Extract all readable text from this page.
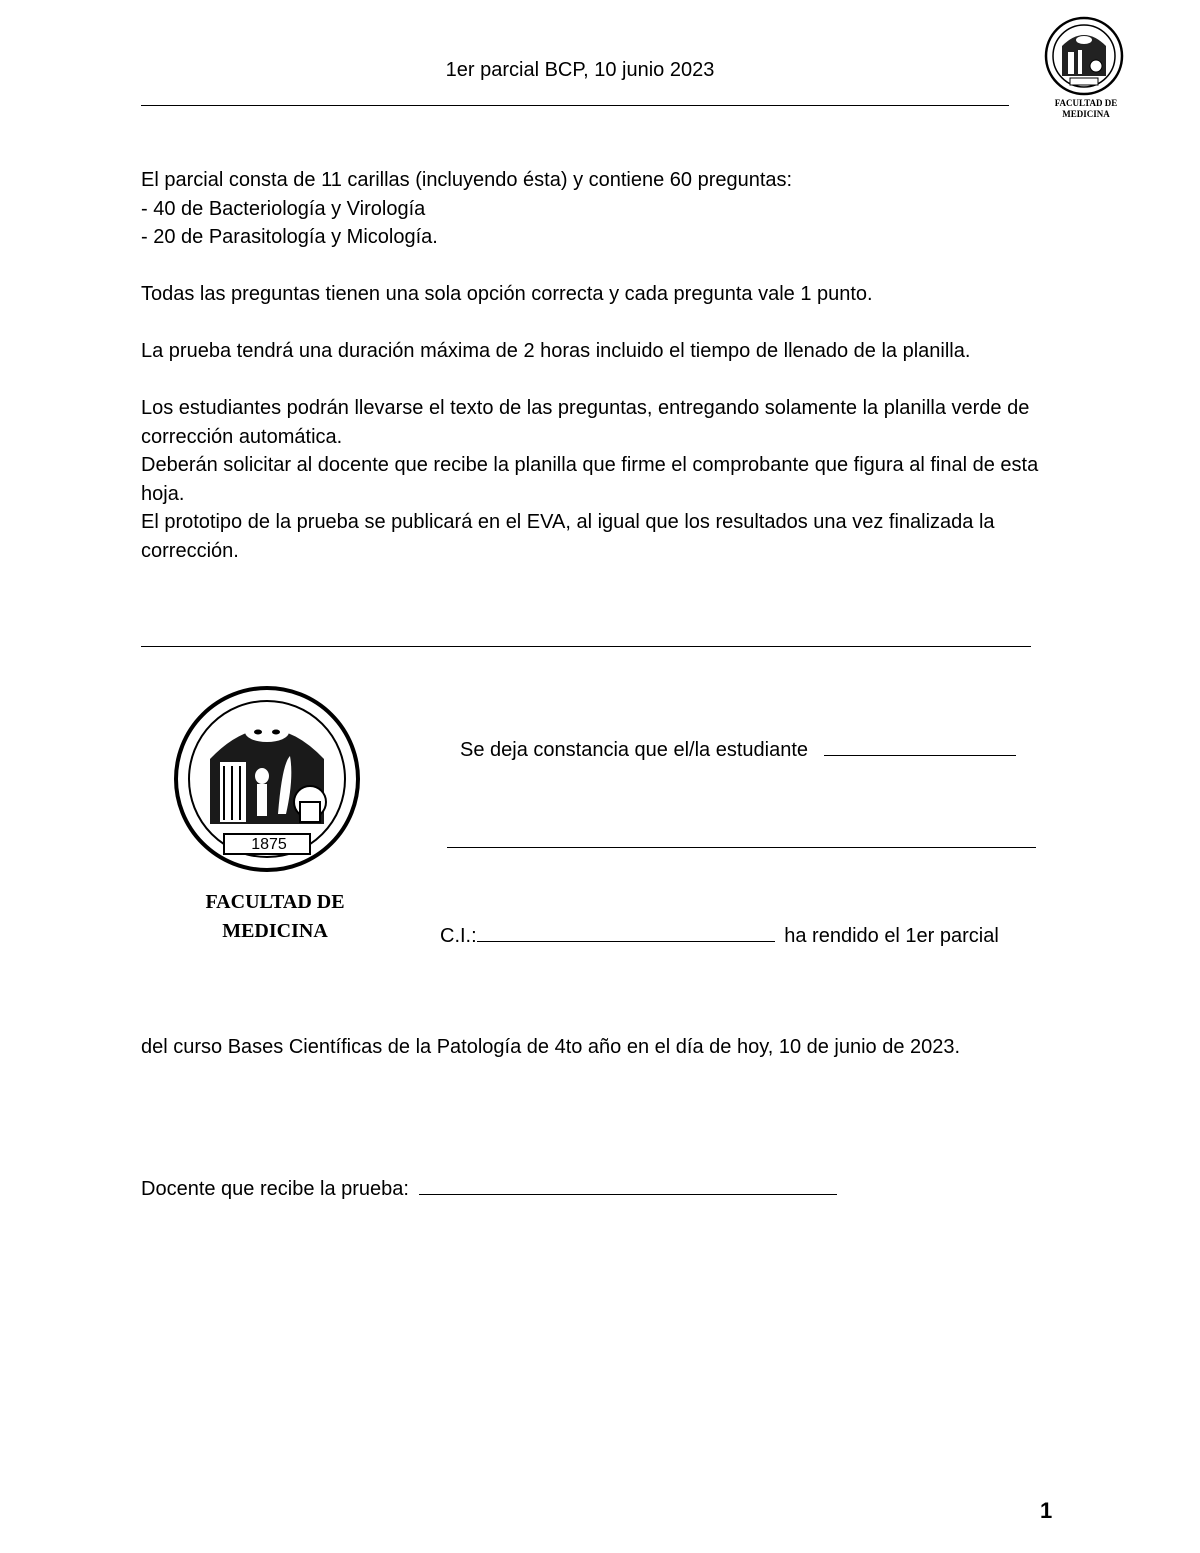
1er parcial BCP, 10 junio 2023
FACULTAD DE
MEDICINA

El parcial consta de 11 carillas (incluyendo ésta) y contiene 60 preguntas:

- 40 de Bacteriología y Virología

- 20 de Parasitología y Micología.

Todas las preguntas tienen una sola opción correcta y cada pregunta vale 1 punto.

La prueba tendrá una duración máxima de 2 horas incluido el tiempo de llenado de la planilla.

Los estudiantes podrán llevarse el texto de las preguntas, entregando solamente la planilla verde de corrección automática.

Deberán solicitar al docente que recibe la planilla que firme el comprobante que figura al final de esta hoja.

El prototipo de la prueba se publicará en el EVA, al igual que los resultados una vez finalizada la corrección.

1875
FACULTAD DE
MEDICINA
Se deja constancia que el/la estudiante
C.I.:	ha rendido el 1er parcial
del curso Bases Científicas de la Patología de 4to año en el día de hoy, 10 de junio de 2023.
Docente que recibe la prueba:
1
